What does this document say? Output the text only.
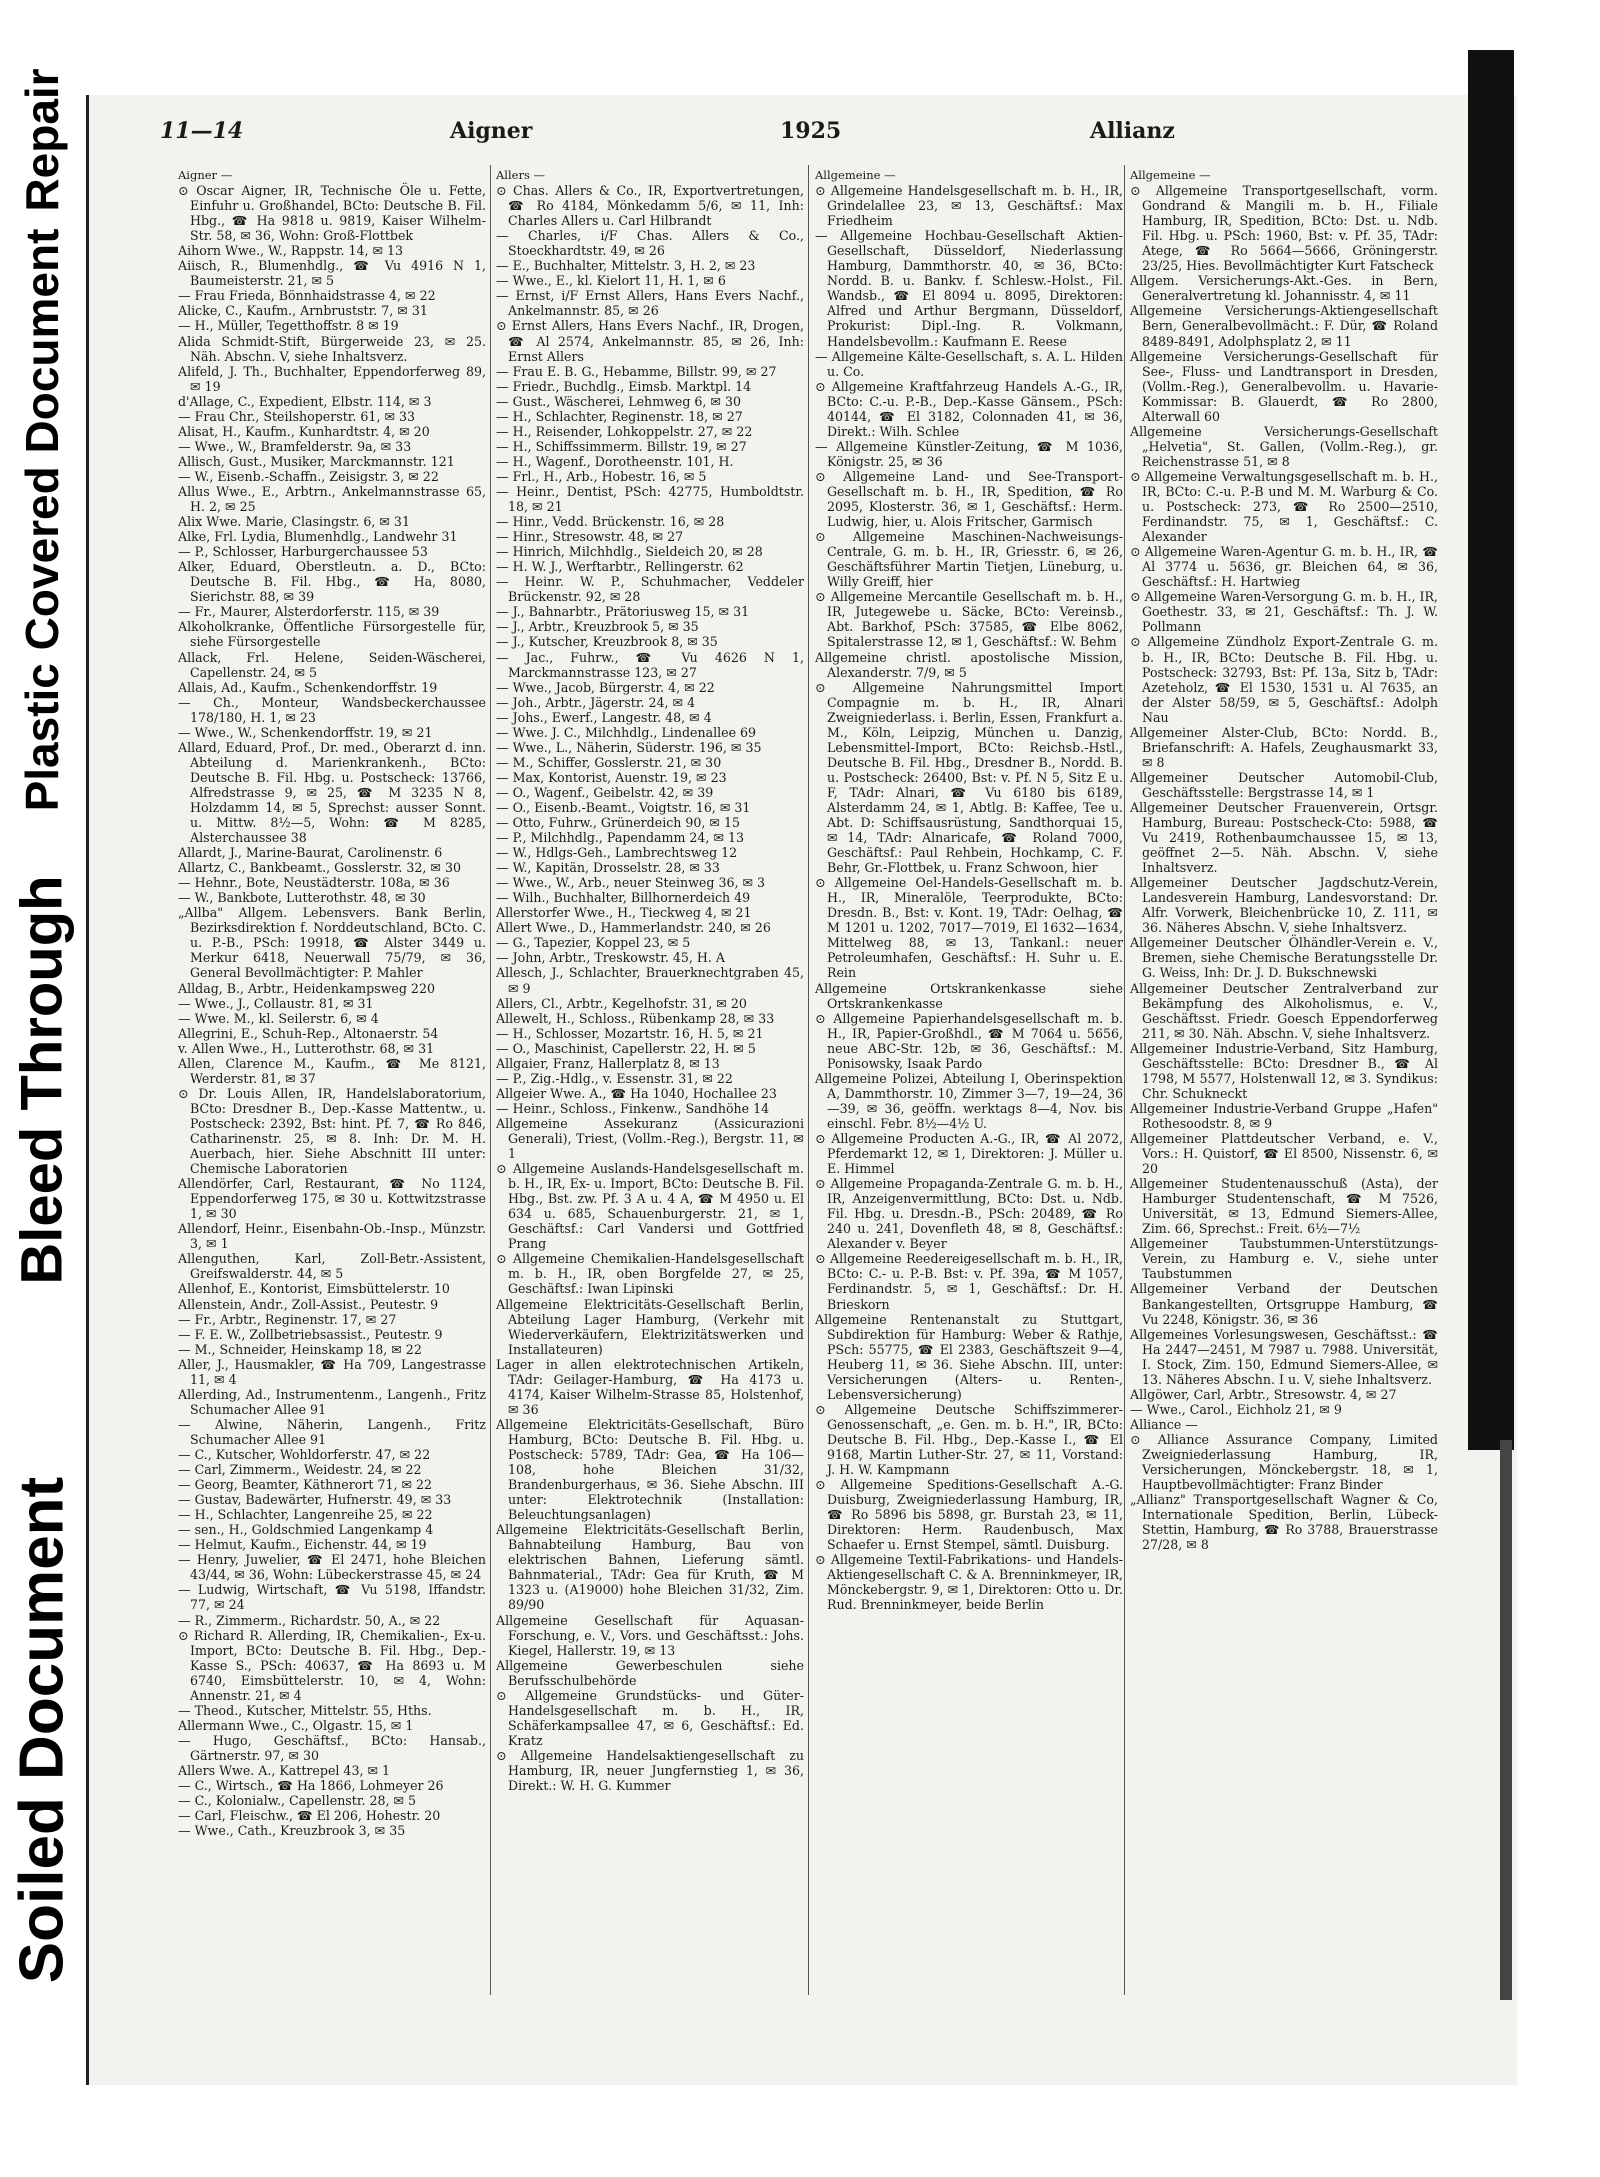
Repair
Plastic Covered Document
Bleed Through
Soiled Document
11—14	Aigner	1925	Allianz

Aigner —

⊙ Oscar Aigner, IR, Technische Öle u. Fette, Einfuhr u. Großhandel, BCto: Deutsche B. Fil. Hbg., ☎ Ha 9818 u. 9819, Kaiser Wilhelm-Str. 58, ✉ 36, Wohn: Groß-Flottbek

Aihorn Wwe., W., Rappstr. 14, ✉ 13

Aiisch, R., Blumenhdlg., ☎ Vu 4916 N 1, Baumeisterstr. 21, ✉ 5

— Frau Frieda, Bönnhaidstrasse 4, ✉ 22

Alicke, C., Kaufm., Arnbruststr. 7, ✉ 31

— H., Müller, Tegetthoffstr. 8 ✉ 19

Alida Schmidt-Stift, Bürgerweide 23, ✉ 25. Näh. Abschn. V, siehe Inhaltsverz.

Alifeld, J. Th., Buchhalter, Eppendorferweg 89, ✉ 19

d'Allage, C., Expedient, Elbstr. 114, ✉ 3

— Frau Chr., Steilshoperstr. 61, ✉ 33

Alisat, H., Kaufm., Kunhardtstr. 4, ✉ 20

— Wwe., W., Bramfelderstr. 9a, ✉ 33

Allisch, Gust., Musiker, Marckmannstr. 121

— W., Eisenb.-Schaffn., Zeisigstr. 3, ✉ 22

Allus Wwe., E., Arbtrn., Ankelmannstrasse 65, H. 2, ✉ 25

Alix Wwe. Marie, Clasingstr. 6, ✉ 31

Alke, Frl. Lydia, Blumenhdlg., Landwehr 31

— P., Schlosser, Harburgerchaussee 53

Alker, Eduard, Oberstleutn. a. D., BCto: Deutsche B. Fil. Hbg., ☎ Ha, 8080, Sierichstr. 88, ✉ 39

— Fr., Maurer, Alsterdorferstr. 115, ✉ 39

Alkoholkranke, Öffentliche Fürsorgestelle für, siehe Fürsorgestelle

Allack, Frl. Helene, Seiden-Wäscherei, Capellenstr. 24, ✉ 5

Allais, Ad., Kaufm., Schenkendorffstr. 19

— Ch., Monteur, Wandsbeckerchaussee 178/180, H. 1, ✉ 23

— Wwe., W., Schenkendorffstr. 19, ✉ 21

Allard, Eduard, Prof., Dr. med., Oberarzt d. inn. Abteilung d. Marienkrankenh., BCto: Deutsche B. Fil. Hbg. u. Postscheck: 13766, Alfredstrasse 9, ✉ 25, ☎ M 3235 N 8, Holzdamm 14, ✉ 5, Sprechst: ausser Sonnt. u. Mittw. 8½—5, Wohn: ☎ M 8285, Alsterchaussee 38

Allardt, J., Marine-Baurat, Carolinenstr. 6

Allartz, C., Bankbeamt., Gosslerstr. 32, ✉ 30

— Hehnr., Bote, Neustädterstr. 108a, ✉ 36

— W., Bankbote, Lutterothstr. 48, ✉ 30

„Allba" Allgem. Lebensvers. Bank Berlin, Bezirksdirektion f. Norddeutschland, BCto. C. u. P.-B., PSch: 19918, ☎ Alster 3449 u. Merkur 6418, Neuerwall 75/79, ✉ 36, General Bevollmächtigter: P. Mahler

Alldag, B., Arbtr., Heidenkampsweg 220

— Wwe., J., Collaustr. 81, ✉ 31

— Wwe. M., kl. Seilerstr. 6, ✉ 4

Allegrini, E., Schuh-Rep., Altonaerstr. 54

v. Allen Wwe., H., Lutterothstr. 68, ✉ 31

Allen, Clarence M., Kaufm., ☎ Me 8121, Werderstr. 81, ✉ 37

⊙ Dr. Louis Allen, IR, Handelslaboratorium, BCto: Dresdner B., Dep.-Kasse Mattentw., u. Postscheck: 2392, Bst: hint. Pf. 7, ☎ Ro 846, Catharinenstr. 25, ✉ 8. Inh: Dr. M. H. Auerbach, hier. Siehe Abschnitt III unter: Chemische Laboratorien

Allendörfer, Carl, Restaurant, ☎ No 1124, Eppendorferweg 175, ✉ 30 u. Kottwitzstrasse 1, ✉ 30

Allendorf, Heinr., Eisenbahn-Ob.-Insp., Münzstr. 3, ✉ 1

Allenguthen, Karl, Zoll-Betr.-Assistent, Greifswalderstr. 44, ✉ 5

Allenhof, E., Kontorist, Eimsbüttelerstr. 10

Allenstein, Andr., Zoll-Assist., Peutestr. 9

— Fr., Arbtr., Reginenstr. 17, ✉ 27

— F. E. W., Zollbetriebsassist., Peutestr. 9

— M., Schneider, Heinskamp 18, ✉ 22

Aller, J., Hausmakler, ☎ Ha 709, Langestrasse 11, ✉ 4

Allerding, Ad., Instrumentenm., Langenh., Fritz Schumacher Allee 91

— Alwine, Näherin, Langenh., Fritz Schumacher Allee 91

— C., Kutscher, Wohldorferstr. 47, ✉ 22

— Carl, Zimmerm., Weidestr. 24, ✉ 22

— Georg, Beamter, Käthnerort 71, ✉ 22

— Gustav, Badewärter, Hufnerstr. 49, ✉ 33

— H., Schlachter, Langenreihe 25, ✉ 22

— sen., H., Goldschmied Langenkamp 4

— Helmut, Kaufm., Eichenstr. 44, ✉ 19

— Henry, Juwelier, ☎ El 2471, hohe Bleichen 43/44, ✉ 36, Wohn: Lübeckerstrasse 45, ✉ 24

— Ludwig, Wirtschaft, ☎ Vu 5198, Iffandstr. 77, ✉ 24

— R., Zimmerm., Richardstr. 50, A., ✉ 22

⊙ Richard R. Allerding, IR, Chemikalien-, Ex-u. Import, BCto: Deutsche B. Fil. Hbg., Dep.-Kasse S., PSch: 40637, ☎ Ha 8693 u. M 6740, Eimsbüttelerstr. 10, ✉ 4, Wohn: Annenstr. 21, ✉ 4

— Theod., Kutscher, Mittelstr. 55, Hths.

Allermann Wwe., C., Olgastr. 15, ✉ 1

— Hugo, Geschäftsf., BCto: Hansab., Gärtnerstr. 97, ✉ 30

Allers Wwe. A., Kattrepel 43, ✉ 1

— C., Wirtsch., ☎ Ha 1866, Lohmeyer 26

— C., Kolonialw., Capellenstr. 28, ✉ 5

— Carl, Fleischw., ☎ El 206, Hohestr. 20

— Wwe., Cath., Kreuzbrook 3, ✉ 35

Allers —

⊙ Chas. Allers & Co., IR, Exportvertretungen, ☎ Ro 4184, Mönkedamm 5/6, ✉ 11, Inh: Charles Allers u. Carl Hilbrandt

— Charles, i/F Chas. Allers & Co., Stoeckhardtstr. 49, ✉ 26

— E., Buchhalter, Mittelstr. 3, H. 2, ✉ 23

— Wwe., E., kl. Kielort 11, H. 1, ✉ 6

— Ernst, i/F Ernst Allers, Hans Evers Nachf., Ankelmannstr. 85, ✉ 26

⊙ Ernst Allers, Hans Evers Nachf., IR, Drogen, ☎ Al 2574, Ankelmannstr. 85, ✉ 26, Inh: Ernst Allers

— Frau E. B. G., Hebamme, Billstr. 99, ✉ 27

— Friedr., Buchdlg., Eimsb. Marktpl. 14

— Gust., Wäscherei, Lehmweg 6, ✉ 30

— H., Schlachter, Reginenstr. 18, ✉ 27

— H., Reisender, Lohkoppelstr. 27, ✉ 22

— H., Schiffssimmerm. Billstr. 19, ✉ 27

— H., Wagenf., Dorotheenstr. 101, H.

— Frl., H., Arb., Hobestr. 16, ✉ 5

— Heinr., Dentist, PSch: 42775, Humboldtstr. 18, ✉ 21

— Hinr., Vedd. Brückenstr. 16, ✉ 28

— Hinr., Stresowstr. 48, ✉ 27

— Hinrich, Milchhdlg., Sieldeich 20, ✉ 28

— H. W. J., Werftarbtr., Rellingerstr. 62

— Heinr. W. P., Schuhmacher, Veddeler Brückenstr. 92, ✉ 28

— J., Bahnarbtr., Prätoriusweg 15, ✉ 31

— J., Arbtr., Kreuzbrook 5, ✉ 35

— J., Kutscher, Kreuzbrook 8, ✉ 35

— Jac., Fuhrw., ☎ Vu 4626 N 1, Marckmannstrasse 123, ✉ 27

— Wwe., Jacob, Bürgerstr. 4, ✉ 22

— Joh., Arbtr., Jägerstr. 24, ✉ 4

— Johs., Ewerf., Langestr. 48, ✉ 4

— Wwe. J. C., Milchhdlg., Lindenallee 69

— Wwe., L., Näherin, Süderstr. 196, ✉ 35

— M., Schiffer, Gosslerstr. 21, ✉ 30

— Max, Kontorist, Auenstr. 19, ✉ 23

— O., Wagenf., Geibelstr. 42, ✉ 39

— O., Eisenb.-Beamt., Voigtstr. 16, ✉ 31

— Otto, Fuhrw., Grünerdeich 90, ✉ 15

— P., Milchhdlg., Papendamm 24, ✉ 13

— W., Hdlgs-Geh., Lambrechtsweg 12

— W., Kapitän, Drosselstr. 28, ✉ 33

— Wwe., W., Arb., neuer Steinweg 36, ✉ 3

— Wilh., Buchhalter, Billhornerdeich 49

Allerstorfer Wwe., H., Tieckweg 4, ✉ 21

Allert Wwe., D., Hammerlandstr. 240, ✉ 26

— G., Tapezier, Koppel 23, ✉ 5

— John, Arbtr., Treskowstr. 45, H. A

Allesch, J., Schlachter, Brauerknechtgraben 45, ✉ 9

Allers, Cl., Arbtr., Kegelhofstr. 31, ✉ 20

Allewelt, H., Schloss., Rübenkamp 28, ✉ 33

— H., Schlosser, Mozartstr. 16, H. 5, ✉ 21

— O., Maschinist, Capellerstr. 22, H. ✉ 5

Allgaier, Franz, Hallerplatz 8, ✉ 13

— P., Zig.-Hdlg., v. Essenstr. 31, ✉ 22

Allgeier Wwe. A., ☎ Ha 1040, Hochallee 23

— Heinr., Schloss., Finkenw., Sandhöhe 14

Allgemeine Assekuranz (Assicurazioni Generali), Triest, (Vollm.-Reg.), Bergstr. 11, ✉ 1

⊙ Allgemeine Auslands-Handelsgesellschaft m. b. H., IR, Ex- u. Import, BCto: Deutsche B. Fil. Hbg., Bst. zw. Pf. 3 A u. 4 A, ☎ M 4950 u. El 634 u. 685, Schauenburgerstr. 21, ✉ 1, Geschäftsf.: Carl Vandersi und Gottfried Prang

⊙ Allgemeine Chemikalien-Handelsgesellschaft m. b. H., IR, oben Borgfelde 27, ✉ 25, Geschäftsf.: Iwan Lipinski

Allgemeine Elektricitäts-Gesellschaft Berlin, Abteilung Lager Hamburg, (Verkehr mit Wiederverkäufern, Elektrizitätswerken und Installateuren)

Lager in allen elektrotechnischen Artikeln, TAdr: Geilager-Hamburg, ☎ Ha 4173 u. 4174, Kaiser Wilhelm-Strasse 85, Holstenhof, ✉ 36

Allgemeine Elektricitäts-Gesellschaft, Büro Hamburg, BCto: Deutsche B. Fil. Hbg. u. Postscheck: 5789, TAdr: Gea, ☎ Ha 106—108, hohe Bleichen 31/32, Brandenburgerhaus, ✉ 36. Siehe Abschn. III unter: Elektrotechnik (Installation: Beleuchtungsanlagen)

Allgemeine Elektricitäts-Gesellschaft Berlin, Bahnabteilung Hamburg, Bau von elektrischen Bahnen, Lieferung sämtl. Bahnmaterial., TAdr: Gea für Kruth, ☎ M 1323 u. (A19000) hohe Bleichen 31/32, Zim. 89/90

Allgemeine Gesellschaft für Aquasan-Forschung, e. V., Vors. und Geschäftsst.: Johs. Kiegel, Hallerstr. 19, ✉ 13

Allgemeine Gewerbeschulen siehe Berufsschulbehörde

⊙ Allgemeine Grundstücks- und Güter-Handelsgesellschaft m. b. H., IR, Schäferkampsallee 47, ✉ 6, Geschäftsf.: Ed. Kratz

⊙ Allgemeine Handelsaktiengesellschaft zu Hamburg, IR, neuer Jungfernstieg 1, ✉ 36, Direkt.: W. H. G. Kummer

Allgemeine —

⊙ Allgemeine Handelsgesellschaft m. b. H., IR, Grindelallee 23, ✉ 13, Geschäftsf.: Max Friedheim

— Allgemeine Hochbau-Gesellschaft Aktien-Gesellschaft, Düsseldorf, Niederlassung Hamburg, Dammthorstr. 40, ✉ 36, BCto: Nordd. B. u. Bankv. f. Schlesw.-Holst., Fil. Wandsb., ☎ El 8094 u. 8095, Direktoren: Alfred und Arthur Bergmann, Düsseldorf, Prokurist: Dipl.-Ing. R. Volkmann, Handelsbevollm.: Kaufmann E. Reese

— Allgemeine Kälte-Gesellschaft, s. A. L. Hilden u. Co.

⊙ Allgemeine Kraftfahrzeug Handels A.-G., IR, BCto: C.-u. P.-B., Dep.-Kasse Gänsem., PSch: 40144, ☎ El 3182, Colonnaden 41, ✉ 36, Direkt.: Wilh. Schlee

— Allgemeine Künstler-Zeitung, ☎ M 1036, Königstr. 25, ✉ 36

⊙ Allgemeine Land- und See-Transport-Gesellschaft m. b. H., IR, Spedition, ☎ Ro 2095, Klosterstr. 36, ✉ 1, Geschäftsf.: Herm. Ludwig, hier, u. Alois Fritscher, Garmisch

⊙ Allgemeine Maschinen-Nachweisungs-Centrale, G. m. b. H., IR, Griesstr. 6, ✉ 26, Geschäftsführer Martin Tietjen, Lüneburg, u. Willy Greiff, hier

⊙ Allgemeine Mercantile Gesellschaft m. b. H., IR, Jutegewebe u. Säcke, BCto: Vereinsb., Abt. Barkhof, PSch: 37585, ☎ Elbe 8062, Spitalerstrasse 12, ✉ 1, Geschäftsf.: W. Behm

Allgemeine christl. apostolische Mission, Alexanderstr. 7/9, ✉ 5

⊙ Allgemeine Nahrungsmittel Import Compagnie m. b. H., IR, Alnari Zweigniederlass. i. Berlin, Essen, Frankfurt a. M., Köln, Leipzig, München u. Danzig, Lebensmittel-Import, BCto: Reichsb.-Hstl., Deutsche B. Fil. Hbg., Dresdner B., Nordd. B. u. Postscheck: 26400, Bst: v. Pf. N 5, Sitz E u. F, TAdr: Alnari, ☎ Vu 6180 bis 6189, Alsterdamm 24, ✉ 1, Abtlg. B: Kaffee, Tee u. Abt. D: Schiffsausrüstung, Sandthorquai 15, ✉ 14, TAdr: Alnaricafe, ☎ Roland 7000, Geschäftsf.: Paul Rehbein, Hochkamp, C. F. Behr, Gr.-Flottbek, u. Franz Schwoon, hier

⊙ Allgemeine Oel-Handels-Gesellschaft m. b. H., IR, Mineralöle, Teerprodukte, BCto: Dresdn. B., Bst: v. Kont. 19, TAdr: Oelhag, ☎ M 1201 u. 1202, 7017—7019, El 1632—1634, Mittelweg 88, ✉ 13, Tankanl.: neuer Petroleumhafen, Geschäftsf.: H. Suhr u. E. Rein

Allgemeine Ortskrankenkasse siehe Ortskrankenkasse

⊙ Allgemeine Papierhandelsgesellschaft m. b. H., IR, Papier-Großhdl., ☎ M 7064 u. 5656, neue ABC-Str. 12b, ✉ 36, Geschäftsf.: M. Ponisowsky, Isaak Pardo

Allgemeine Polizei, Abteilung I, Oberinspektion A, Dammthorstr. 10, Zimmer 3—7, 19—24, 36—39, ✉ 36, geöffn. werktags 8—4, Nov. bis einschl. Febr. 8½—4½ U.

⊙ Allgemeine Producten A.-G., IR, ☎ Al 2072, Pferdemarkt 12, ✉ 1, Direktoren: J. Müller u. E. Himmel

⊙ Allgemeine Propaganda-Zentrale G. m. b. H., IR, Anzeigenvermittlung, BCto: Dst. u. Ndb. Fil. Hbg. u. Dresdn.-B., PSch: 20489, ☎ Ro 240 u. 241, Dovenfleth 48, ✉ 8, Geschäftsf.: Alexander v. Beyer

⊙ Allgemeine Reedereigesellschaft m. b. H., IR, BCto: C.- u. P.-B. Bst: v. Pf. 39a, ☎ M 1057, Ferdinandstr. 5, ✉ 1, Geschäftsf.: Dr. H. Brieskorn

Allgemeine Rentenanstalt zu Stuttgart, Subdirektion für Hamburg: Weber & Rathje, PSch: 55775, ☎ El 2383, Geschäftszeit 9—4, Heuberg 11, ✉ 36. Siehe Abschn. III, unter: Versicherungen (Alters- u. Renten-, Lebensversicherung)

⊙ Allgemeine Deutsche Schiffszimmerer-Genossenschaft, „e. Gen. m. b. H.", IR, BCto: Deutsche B. Fil. Hbg., Dep.-Kasse I., ☎ El 9168, Martin Luther-Str. 27, ✉ 11, Vorstand: J. H. W. Kampmann

⊙ Allgemeine Speditions-Gesellschaft A.-G. Duisburg, Zweigniederlassung Hamburg, IR, ☎ Ro 5896 bis 5898, gr. Burstah 23, ✉ 11, Direktoren: Herm. Raudenbusch, Max Schaefer u. Ernst Stempel, sämtl. Duisburg.

⊙ Allgemeine Textil-Fabrikations- und Handels-Aktiengesellschaft C. & A. Brenninkmeyer, IR, Mönckebergstr. 9, ✉ 1, Direktoren: Otto u. Dr. Rud. Brenninkmeyer, beide Berlin

Allgemeine —

⊙ Allgemeine Transportgesellschaft, vorm. Gondrand & Mangili m. b. H., Filiale Hamburg, IR, Spedition, BCto: Dst. u. Ndb. Fil. Hbg. u. PSch: 1960, Bst: v. Pf. 35, TAdr: Atege, ☎ Ro 5664—5666, Gröningerstr. 23/25, Hies. Bevollmächtigter Kurt Fatscheck

Allgem. Versicherungs-Akt.-Ges. in Bern, Generalvertretung kl. Johannisstr. 4, ✉ 11

Allgemeine Versicherungs-Aktiengesellschaft Bern, Generalbevollmächt.: F. Dür, ☎ Roland 8489-8491, Adolphsplatz 2, ✉ 11

Allgemeine Versicherungs-Gesellschaft für See-, Fluss- und Landtransport in Dresden, (Vollm.-Reg.), Generalbevollm. u. Havarie-Kommissar: B. Glauerdt, ☎ Ro 2800, Alterwall 60

Allgemeine Versicherungs-Gesellschaft „Helvetia", St. Gallen, (Vollm.-Reg.), gr. Reichenstrasse 51, ✉ 8

⊙ Allgemeine Verwaltungsgesellschaft m. b. H., IR, BCto: C.-u. P.-B und M. M. Warburg & Co. u. Postscheck: 273, ☎ Ro 2500—2510, Ferdinandstr. 75, ✉ 1, Geschäftsf.: C. Alexander

⊙ Allgemeine Waren-Agentur G. m. b. H., IR, ☎ Al 3774 u. 5636, gr. Bleichen 64, ✉ 36, Geschäftsf.: H. Hartwieg

⊙ Allgemeine Waren-Versorgung G. m. b. H., IR, Goethestr. 33, ✉ 21, Geschäftsf.: Th. J. W. Pollmann

⊙ Allgemeine Zündholz Export-Zentrale G. m. b. H., IR, BCto: Deutsche B. Fil. Hbg. u. Postscheck: 32793, Bst: Pf. 13a, Sitz b, TAdr: Azeteholz, ☎ El 1530, 1531 u. Al 7635, an der Alster 58/59, ✉ 5, Geschäftsf.: Adolph Nau

Allgemeiner Alster-Club, BCto: Nordd. B., Briefanschrift: A. Hafels, Zeughausmarkt 33, ✉ 8

Allgemeiner Deutscher Automobil-Club, Geschäftsstelle: Bergstrasse 14, ✉ 1

Allgemeiner Deutscher Frauenverein, Ortsgr. Hamburg, Bureau: Postscheck-Cto: 5988, ☎ Vu 2419, Rothenbaumchaussee 15, ✉ 13, geöffnet 2—5. Näh. Abschn. V, siehe Inhaltsverz.

Allgemeiner Deutscher Jagdschutz-Verein, Landesverein Hamburg, Landesvorstand: Dr. Alfr. Vorwerk, Bleichenbrücke 10, Z. 111, ✉ 36. Näheres Abschn. V, siehe Inhaltsverz.

Allgemeiner Deutscher Ölhändler-Verein e. V., Bremen, siehe Chemische Beratungsstelle Dr. G. Weiss, Inh: Dr. J. D. Bukschnewski

Allgemeiner Deutscher Zentralverband zur Bekämpfung des Alkoholismus, e. V., Geschäftsst. Friedr. Goesch Eppendorferweg 211, ✉ 30. Näh. Abschn. V, siehe Inhaltsverz.

Allgemeiner Industrie-Verband, Sitz Hamburg, Geschäftsstelle: BCto: Dresdner B., ☎ Al 1798, M 5577, Holstenwall 12, ✉ 3. Syndikus: Chr. Schukneckt

Allgemeiner Industrie-Verband Gruppe „Hafen" Rothesoodstr. 8, ✉ 9

Allgemeiner Plattdeutscher Verband, e. V., Vors.: H. Quistorf, ☎ El 8500, Nissenstr. 6, ✉ 20

Allgemeiner Studentenausschuß (Asta), der Hamburger Studentenschaft, ☎ M 7526, Universität, ✉ 13, Edmund Siemers-Allee, Zim. 66, Sprechst.: Freit. 6½—7½

Allgemeiner Taubstummen-Unterstützungs-Verein, zu Hamburg e. V., siehe unter Taubstummen

Allgemeiner Verband der Deutschen Bankangestellten, Ortsgruppe Hamburg, ☎ Vu 2248, Königstr. 36, ✉ 36

Allgemeines Vorlesungswesen, Geschäftsst.: ☎ Ha 2447—2451, M 7987 u. 7988. Universität, I. Stock, Zim. 150, Edmund Siemers-Allee, ✉ 13. Näheres Abschn. I u. V, siehe Inhaltsverz.

Allgöwer, Carl, Arbtr., Stresowstr. 4, ✉ 27

— Wwe., Carol., Eichholz 21, ✉ 9

Alliance —

⊙ Alliance Assurance Company, Limited Zweigniederlassung Hamburg, IR, Versicherungen, Mönckebergstr. 18, ✉ 1, Hauptbevollmächtigter: Franz Binder

„Allianz" Transportgesellschaft Wagner & Co, Internationale Spedition, Berlin, Lübeck-Stettin, Hamburg, ☎ Ro 3788, Brauerstrasse 27/28, ✉ 8
